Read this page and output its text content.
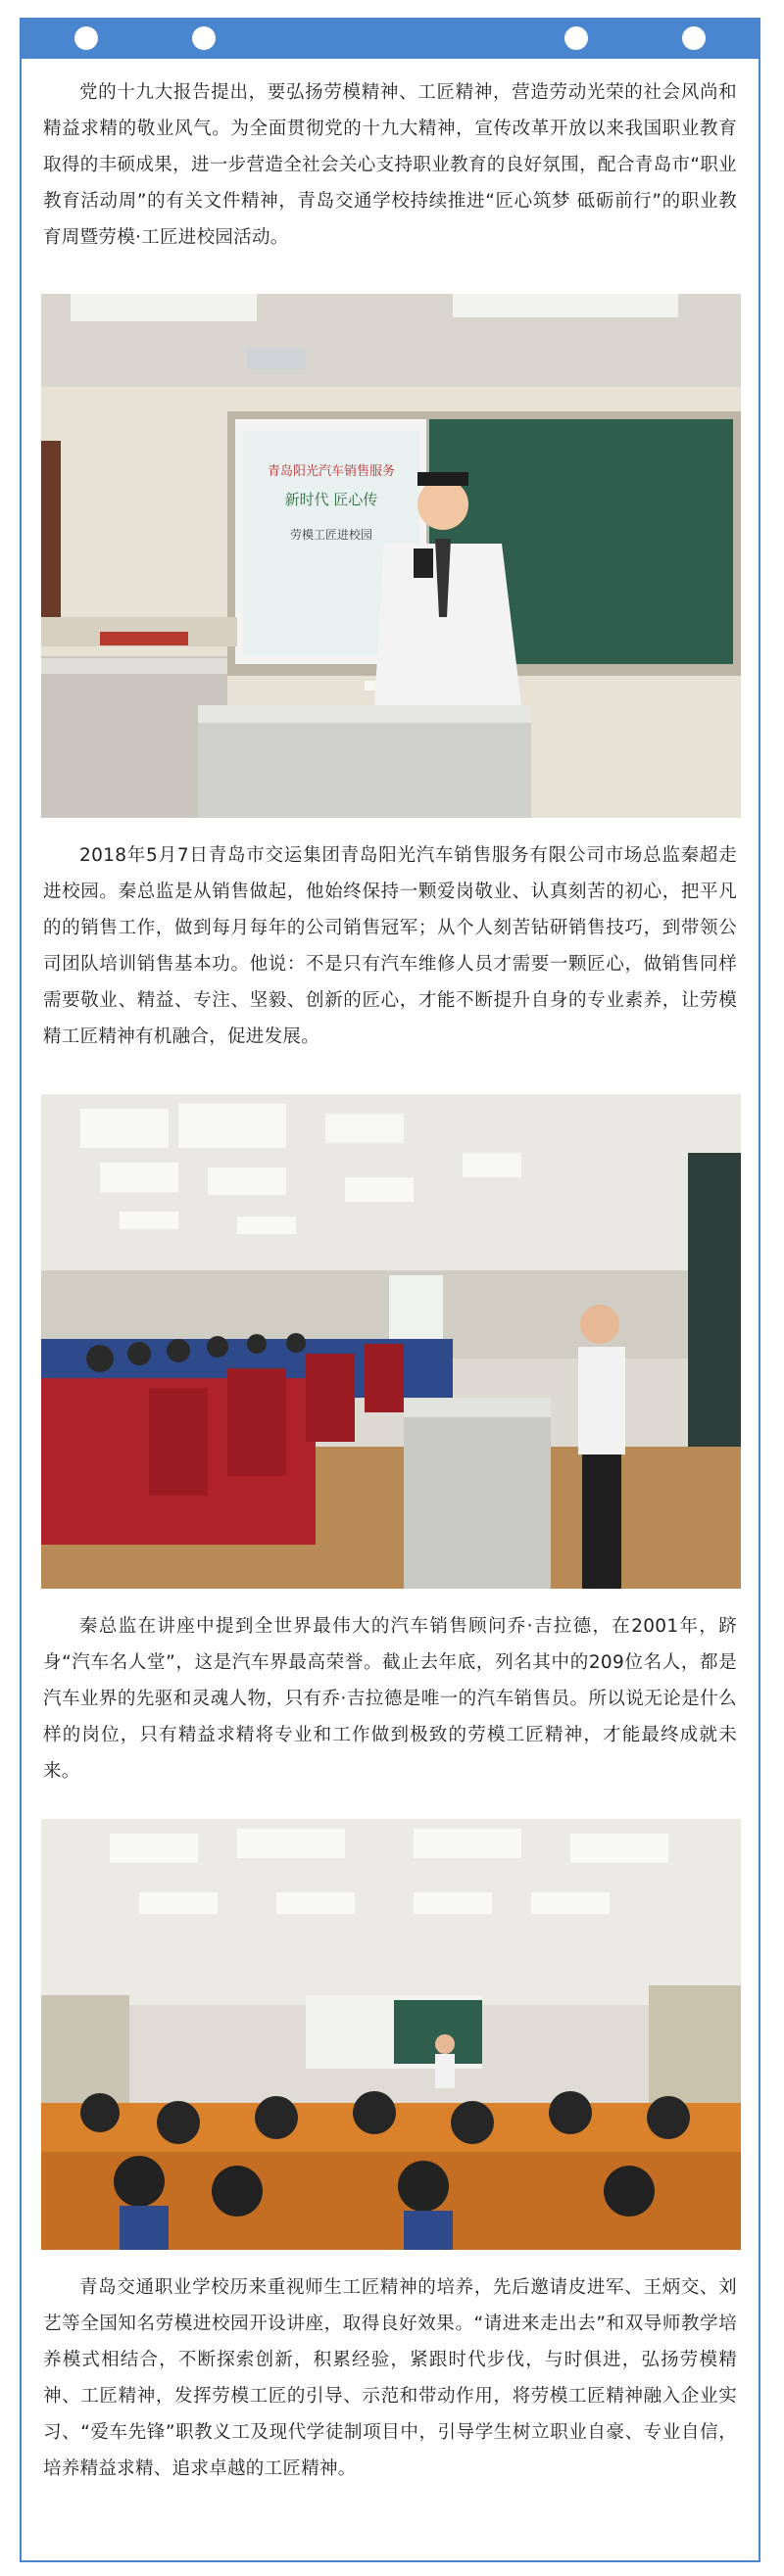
党的十九大报告提出，要弘扬劳模精神、工匠精神，营造劳动光荣的社会风尚和精益求精的敬业风气。为全面贯彻党的十九大精神，宣传改革开放以来我国职业教育取得的丰硕成果，进一步营造全社会关心支持职业教育的良好氛围，配合青岛市“职业教育活动周”的有关文件精神，青岛交通学校持续推进“匠心筑梦 砥砺前行”的职业教育周暨劳模·工匠进校园活动。

青岛阳光汽车销售服务
新时代 匠心传
劳模工匠进校园

2018年5月7日青岛市交运集团青岛阳光汽车销售服务有限公司市场总监秦超走进校园。秦总监是从销售做起，他始终保持一颗爱岗敬业、认真刻苦的初心，把平凡的的销售工作，做到每月每年的公司销售冠军；从个人刻苦钻研销售技巧，到带领公司团队培训销售基本功。他说：不是只有汽车维修人员才需要一颗匠心，做销售同样需要敬业、精益、专注、坚毅、创新的匠心，才能不断提升自身的专业素养，让劳模精工匠精神有机融合，促进发展。

秦总监在讲座中提到全世界最伟大的汽车销售顾问乔·吉拉德，在2001年，跻身“汽车名人堂”，这是汽车界最高荣誉。截止去年底，列名其中的209位名人，都是汽车业界的先驱和灵魂人物，只有乔·吉拉德是唯一的汽车销售员。所以说无论是什么样的岗位，只有精益求精将专业和工作做到极致的劳模工匠精神，才能最终成就未来。

青岛交通职业学校历来重视师生工匠精神的培养，先后邀请皮进军、王炳交、刘艺等全国知名劳模进校园开设讲座，取得良好效果。“请进来走出去”和双导师教学培养模式相结合，不断探索创新，积累经验，紧跟时代步伐，与时俱进，弘扬劳模精神、工匠精神，发挥劳模工匠的引导、示范和带动作用，将劳模工匠精神融入企业实习、“爱车先锋”职教义工及现代学徒制项目中，引导学生树立职业自豪、专业自信，培养精益求精、追求卓越的工匠精神。
